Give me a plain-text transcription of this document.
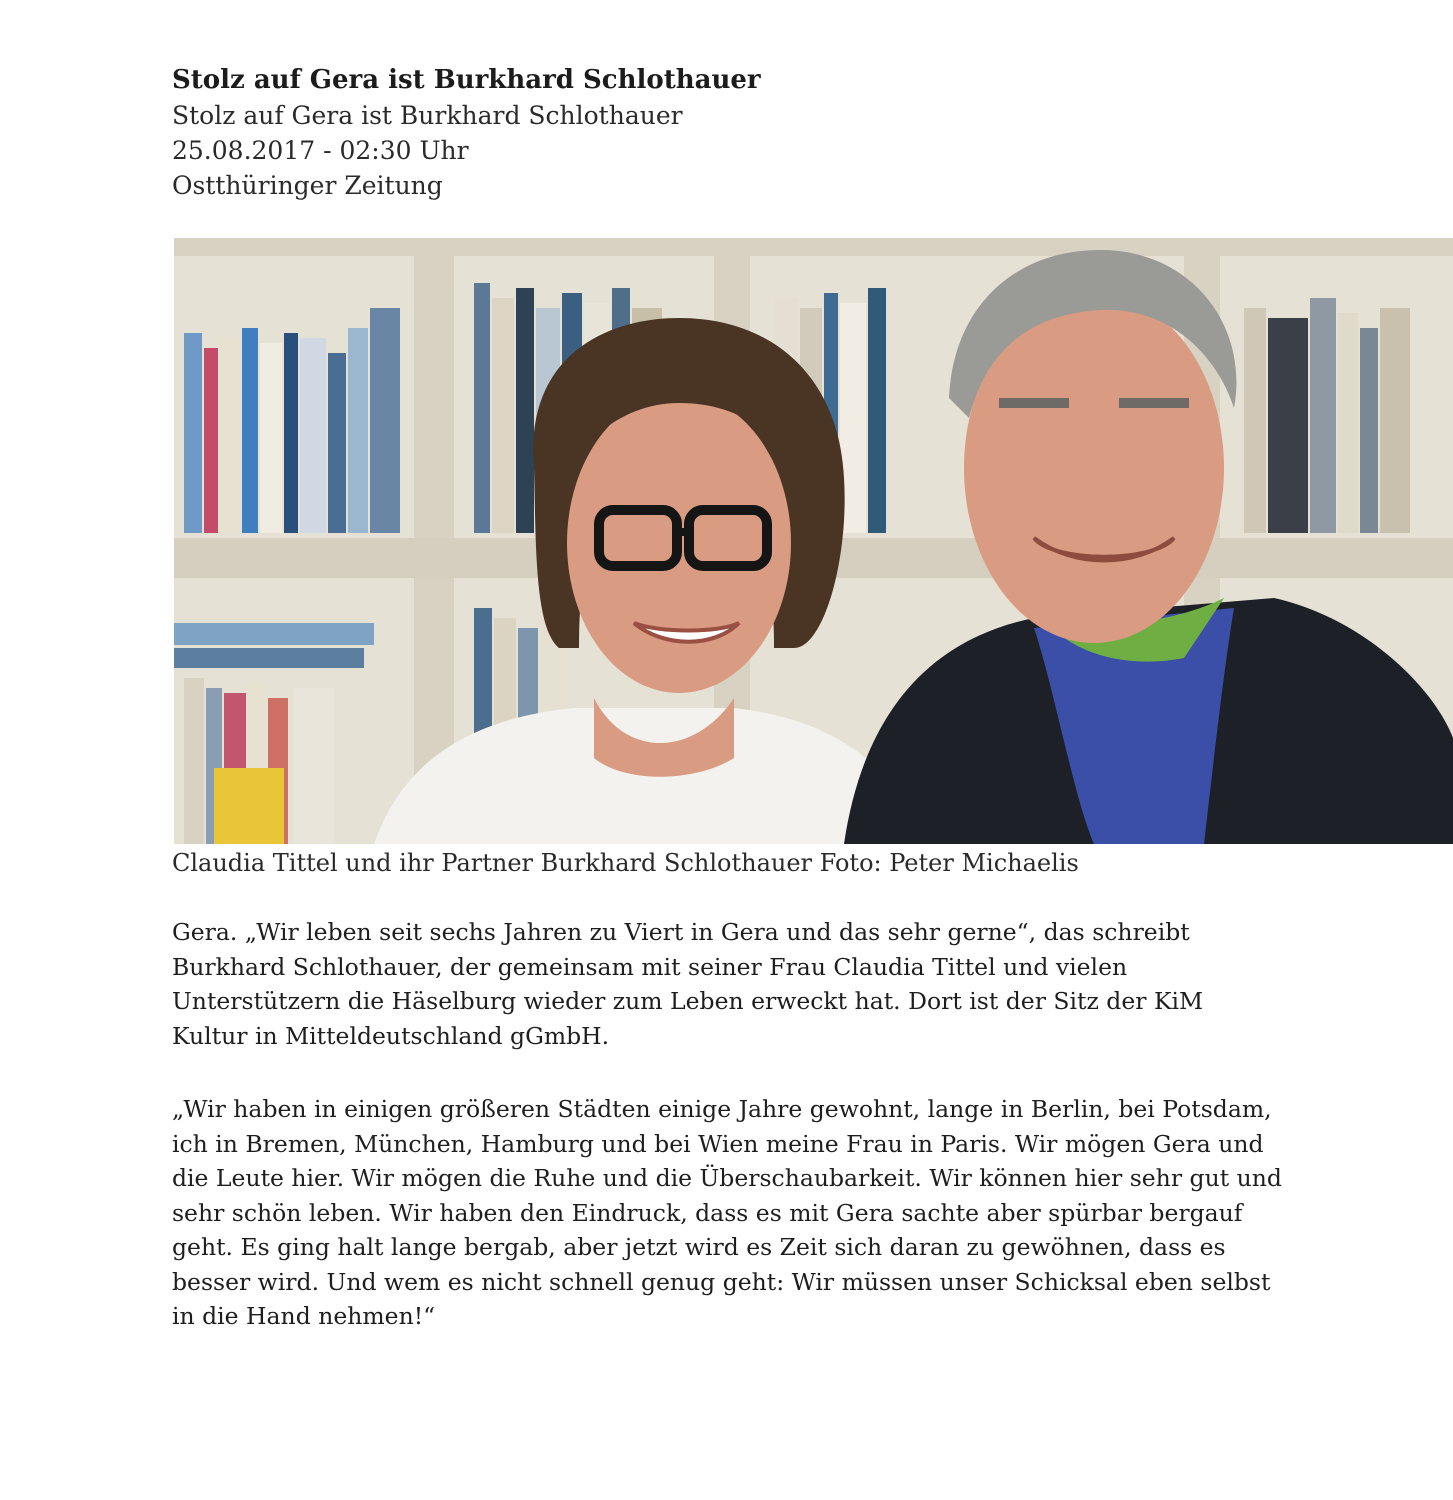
Stolz auf Gera ist Burkhard Schlothauer

Stolz auf Gera ist Burkhard Schlothauer

25.08.2017 - 02:30 Uhr

Ostthüringer Zeitung

Claudia Tittel und ihr Partner Burkhard Schlothauer Foto: Peter Michaelis

Gera. „Wir leben seit sechs Jahren zu Viert in Gera und das sehr gerne“, das schreibt Burkhard Schlothauer, der gemeinsam mit seiner Frau Claudia Tittel und vielen Unterstützern die Häselburg wieder zum Leben erweckt hat. Dort ist der Sitz der KiM Kultur in Mitteldeutschland gGmbH.

„Wir haben in einigen größeren Städten einige Jahre gewohnt, lange in Berlin, bei Potsdam, ich in Bremen, München, Hamburg und bei Wien meine Frau in Paris. Wir mögen Gera und die Leute hier. Wir mögen die Ruhe und die Überschaubarkeit. Wir können hier sehr gut und sehr schön leben. Wir haben den Eindruck, dass es mit Gera sachte aber spürbar bergauf geht. Es ging halt lange bergab, aber jetzt wird es Zeit sich daran zu gewöhnen, dass es besser wird. Und wem es nicht schnell genug geht: Wir müssen unser Schicksal eben selbst in die Hand nehmen!“
